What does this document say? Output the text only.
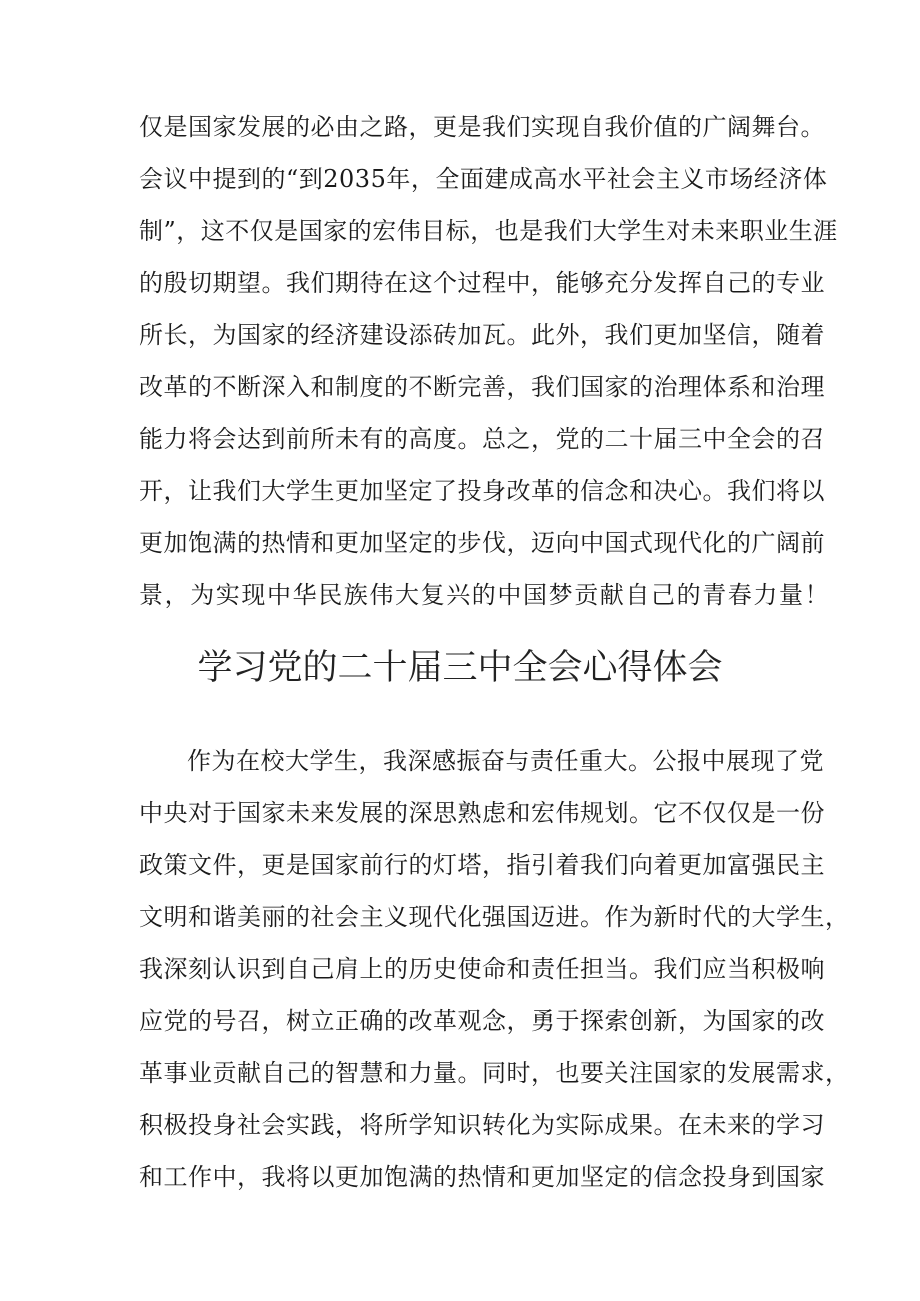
仅是国家发展的必由之路，更是我们实现自我价值的广阔舞台。
会议中提到的“到2035年，全面建成高水平社会主义市场经济体
制”，这不仅是国家的宏伟目标，也是我们大学生对未来职业生涯
的殷切期望。我们期待在这个过程中，能够充分发挥自己的专业
所长，为国家的经济建设添砖加瓦。此外，我们更加坚信，随着
改革的不断深入和制度的不断完善，我们国家的治理体系和治理
能力将会达到前所未有的高度。总之，党的二十届三中全会的召
开，让我们大学生更加坚定了投身改革的信念和决心。我们将以
更加饱满的热情和更加坚定的步伐，迈向中国式现代化的广阔前
景，为实现中华民族伟大复兴的中国梦贡献自己的青春力量！
学习党的二十届三中全会心得体会
作为在校大学生，我深感振奋与责任重大。公报中展现了党
中央对于国家未来发展的深思熟虑和宏伟规划。它不仅仅是一份
政策文件，更是国家前行的灯塔，指引着我们向着更加富强民主
文明和谐美丽的社会主义现代化强国迈进。作为新时代的大学生，
我深刻认识到自己肩上的历史使命和责任担当。我们应当积极响
应党的号召，树立正确的改革观念，勇于探索创新，为国家的改
革事业贡献自己的智慧和力量。同时，也要关注国家的发展需求，
积极投身社会实践，将所学知识转化为实际成果。在未来的学习
和工作中，我将以更加饱满的热情和更加坚定的信念投身到国家
